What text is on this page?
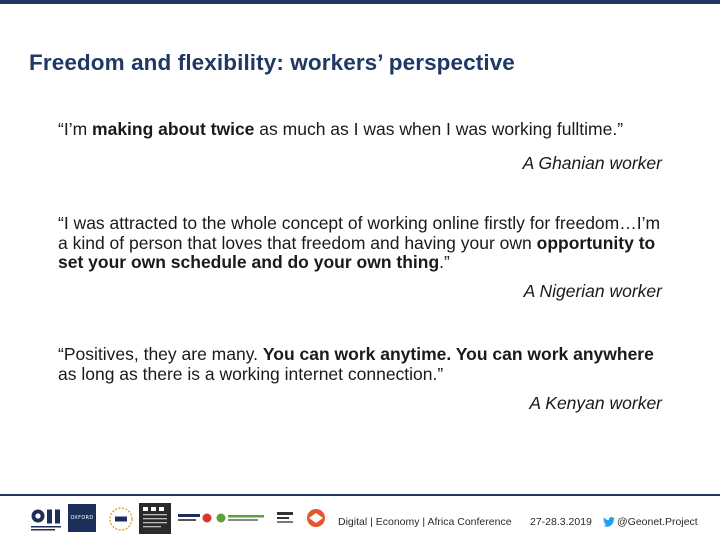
Freedom and flexibility: workers’ perspective

“I’m making about twice as much as I was when I was working fulltime.”

A Ghanian worker

“I was attracted to the whole concept of working online firstly for freedom…I’m a kind of person that loves that freedom and having your own opportunity to set your own schedule and do your own thing.”

A Nigerian worker

“Positives, they are many. You can work anytime. You can work anywhere as long as there is a working internet connection.”

A Kenyan worker

OXFORD	Digital | Economy | Africa Conference 27-28.3.2019 @Geonet.Project
